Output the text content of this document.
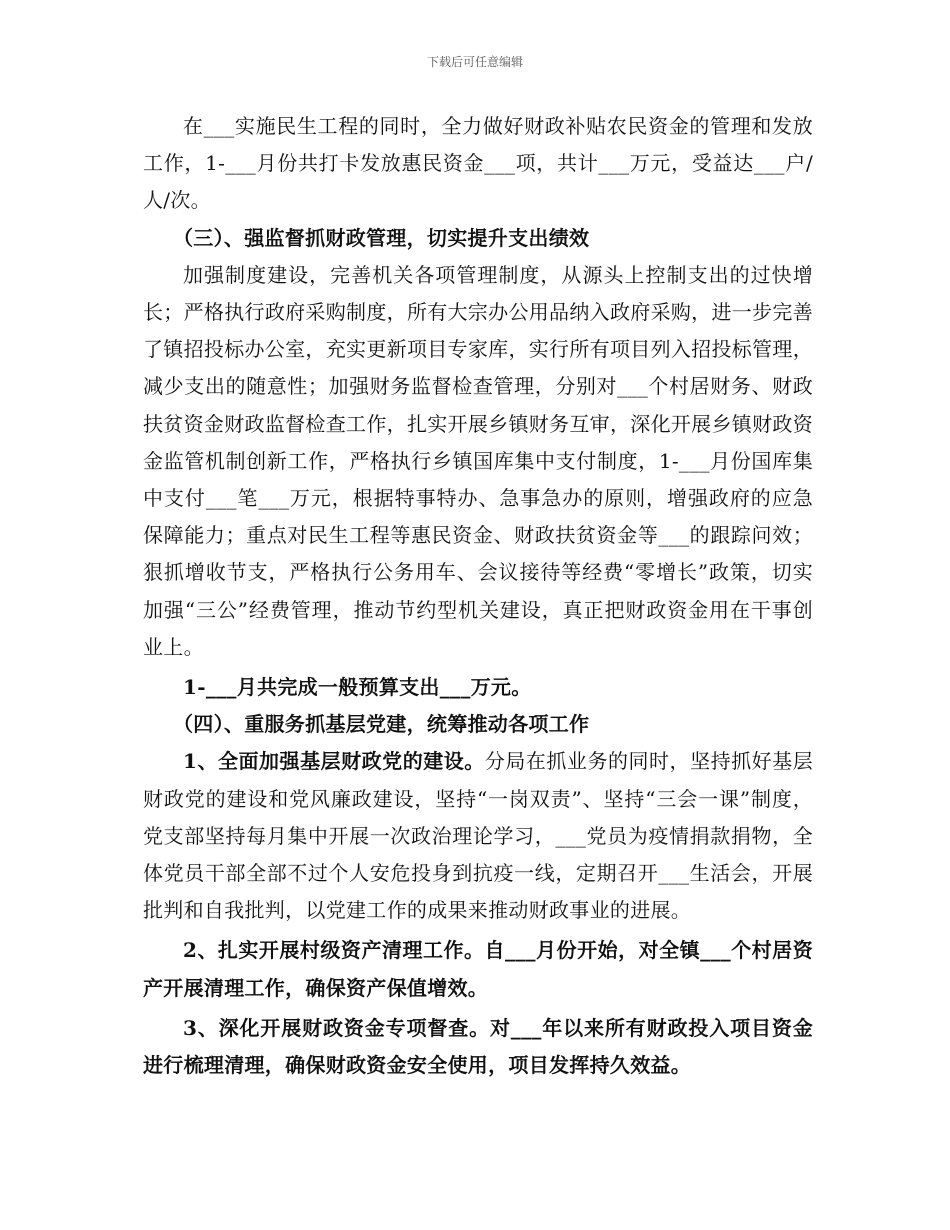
下载后可任意编辑

在___实施民生工程的同时，全力做好财政补贴农民资金的管理和发放工作，1-___月份共打卡发放惠民资金___项，共计___万元，受益达___户/人/次。

（三）、强监督抓财政管理，切实提升支出绩效

加强制度建设，完善机关各项管理制度，从源头上控制支出的过快增长；严格执行政府采购制度，所有大宗办公用品纳入政府采购，进一步完善了镇招投标办公室，充实更新项目专家库，实行所有项目列入招投标管理，减少支出的随意性；加强财务监督检查管理，分别对___个村居财务、财政扶贫资金财政监督检查工作，扎实开展乡镇财务互审，深化开展乡镇财政资金监管机制创新工作，严格执行乡镇国库集中支付制度，1-___月份国库集中支付___笔___万元，根据特事特办、急事急办的原则，增强政府的应急保障能力；重点对民生工程等惠民资金、财政扶贫资金等___的跟踪问效；狠抓增收节支，严格执行公务用车、会议接待等经费“零增长”政策，切实加强“三公”经费管理，推动节约型机关建设，真正把财政资金用在干事创业上。

1-___月共完成一般预算支出___万元。

（四）、重服务抓基层党建，统筹推动各项工作

1、全面加强基层财政党的建设。分局在抓业务的同时，坚持抓好基层财政党的建设和党风廉政建设，坚持“一岗双责”、坚持“三会一课”制度，党支部坚持每月集中开展一次政治理论学习，___党员为疫情捐款捐物，全体党员干部全部不过个人安危投身到抗疫一线，定期召开___生活会，开展批判和自我批判，以党建工作的成果来推动财政事业的进展。

2、扎实开展村级资产清理工作。自___月份开始，对全镇___个村居资产开展清理工作，确保资产保值增效。

3、深化开展财政资金专项督查。对___年以来所有财政投入项目资金进行梳理清理，确保财政资金安全使用，项目发挥持久效益。
